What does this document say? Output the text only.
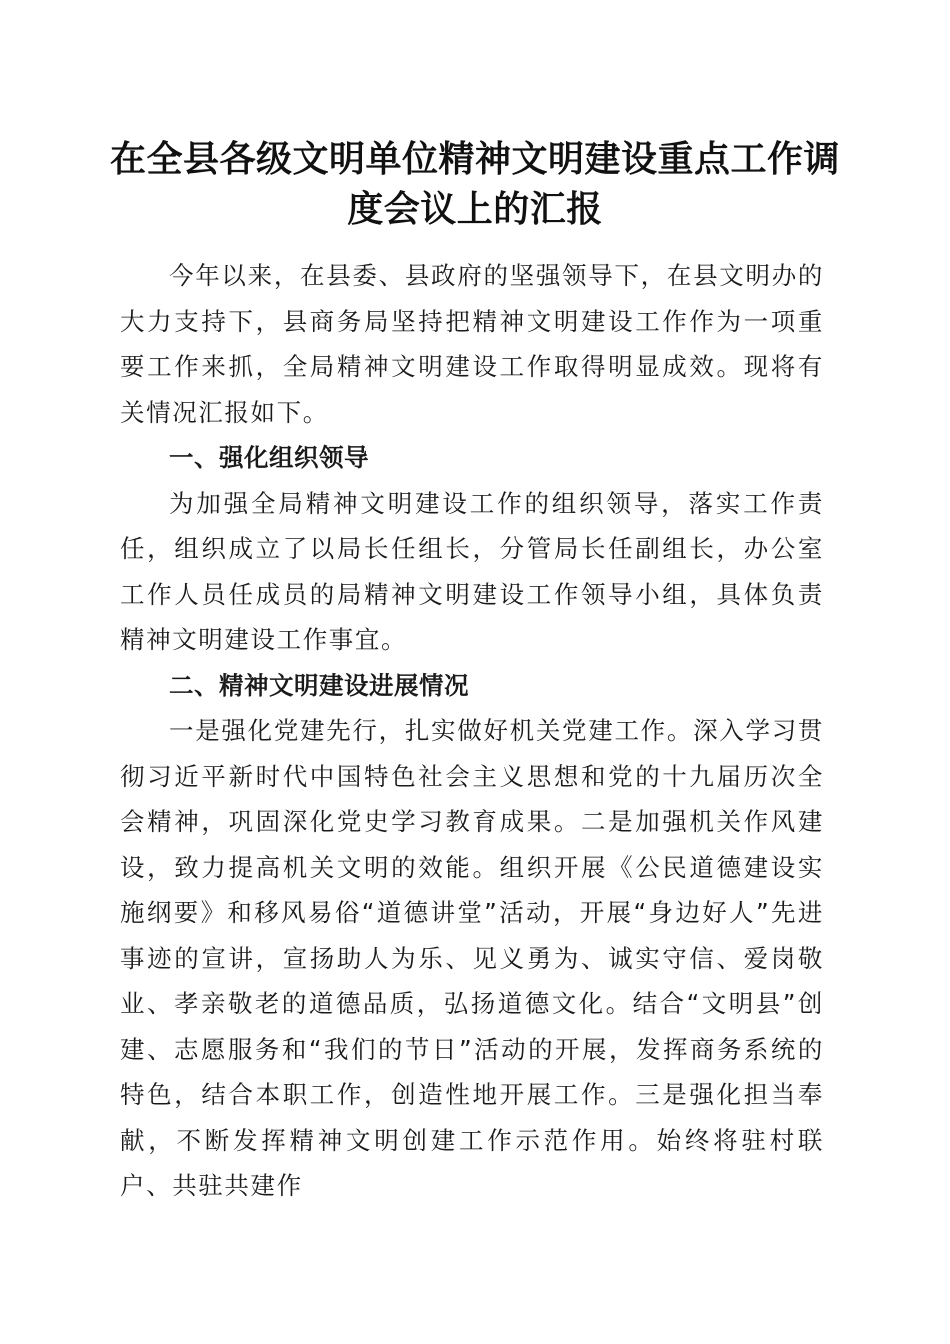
在全县各级文明单位精神文明建设重点工作调度会议上的汇报

今年以来，在县委、县政府的坚强领导下，在县文明办的大力支持下，县商务局坚持把精神文明建设工作作为一项重要工作来抓，全局精神文明建设工作取得明显成效。现将有关情况汇报如下。

一、强化组织领导

为加强全局精神文明建设工作的组织领导，落实工作责任，组织成立了以局长任组长，分管局长任副组长，办公室工作人员任成员的局精神文明建设工作领导小组，具体负责精神文明建设工作事宜。

二、精神文明建设进展情况

一是强化党建先行，扎实做好机关党建工作。深入学习贯彻习近平新时代中国特色社会主义思想和党的十九届历次全会精神，巩固深化党史学习教育成果。二是加强机关作风建设，致力提高机关文明的效能。组织开展《公民道德建设实施纲要》和移风易俗“道德讲堂”活动，开展“身边好人”先进事迹的宣讲，宣扬助人为乐、见义勇为、诚实守信、爱岗敬业、孝亲敬老的道德品质，弘扬道德文化。结合“文明县”创建、志愿服务和“我们的节日”活动的开展，发挥商务系统的特色，结合本职工作，创造性地开展工作。三是强化担当奉献，不断发挥精神文明创建工作示范作用。始终将驻村联户、共驻共建作
